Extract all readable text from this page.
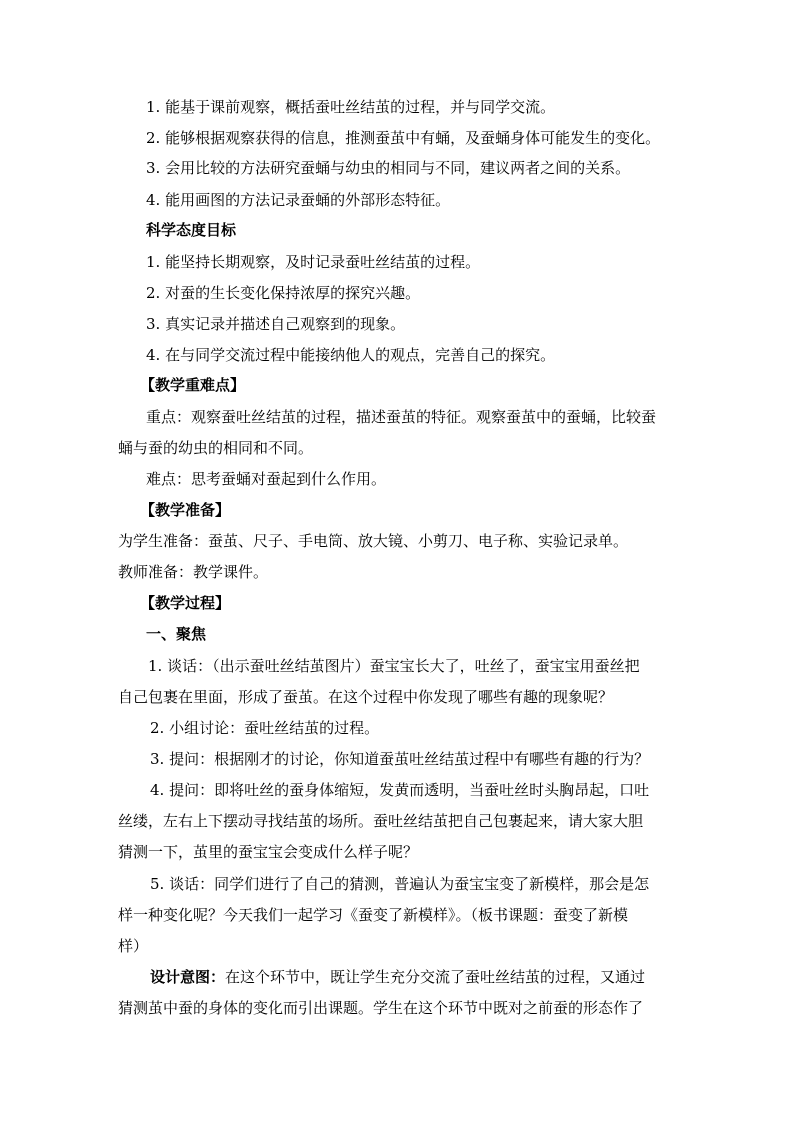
1. 能基于课前观察，概括蚕吐丝结茧的过程，并与同学交流。
2. 能够根据观察获得的信息，推测蚕茧中有蛹，及蚕蛹身体可能发生的变化。
3. 会用比较的方法研究蚕蛹与幼虫的相同与不同，建议两者之间的关系。
4. 能用画图的方法记录蚕蛹的外部形态特征。
科学态度目标
1. 能坚持长期观察，及时记录蚕吐丝结茧的过程。
2. 对蚕的生长变化保持浓厚的探究兴趣。
3. 真实记录并描述自己观察到的现象。
4. 在与同学交流过程中能接纳他人的观点，完善自己的探究。
【教学重难点】
重点：观察蚕吐丝结茧的过程，描述蚕茧的特征。观察蚕茧中的蚕蛹，比较蚕
蛹与蚕的幼虫的相同和不同。
难点：思考蚕蛹对蚕起到什么作用。
【教学准备】
为学生准备：蚕茧、尺子、手电筒、放大镜、小剪刀、电子称、实验记录单。
教师准备：教学课件。
【教学过程】
一、聚焦
1. 谈话：（出示蚕吐丝结茧图片）蚕宝宝长大了，吐丝了，蚕宝宝用蚕丝把
自己包裹在里面，形成了蚕茧。在这个过程中你发现了哪些有趣的现象呢？
2. 小组讨论：蚕吐丝结茧的过程。
3. 提问：根据刚才的讨论，你知道蚕茧吐丝结茧过程中有哪些有趣的行为？
4. 提问：即将吐丝的蚕身体缩短，发黄而透明，当蚕吐丝时头胸昂起，口吐
丝缕，左右上下摆动寻找结茧的场所。蚕吐丝结茧把自己包裹起来，请大家大胆
猜测一下，茧里的蚕宝宝会变成什么样子呢？
5. 谈话：同学们进行了自己的猜测，普遍认为蚕宝宝变了新模样，那会是怎
样一种变化呢？今天我们一起学习《蚕变了新模样》。（板书课题：蚕变了新模
样）
设计意图：在这个环节中，既让学生充分交流了蚕吐丝结茧的过程，又通过
猜测茧中蚕的身体的变化而引出课题。学生在这个环节中既对之前蚕的形态作了
